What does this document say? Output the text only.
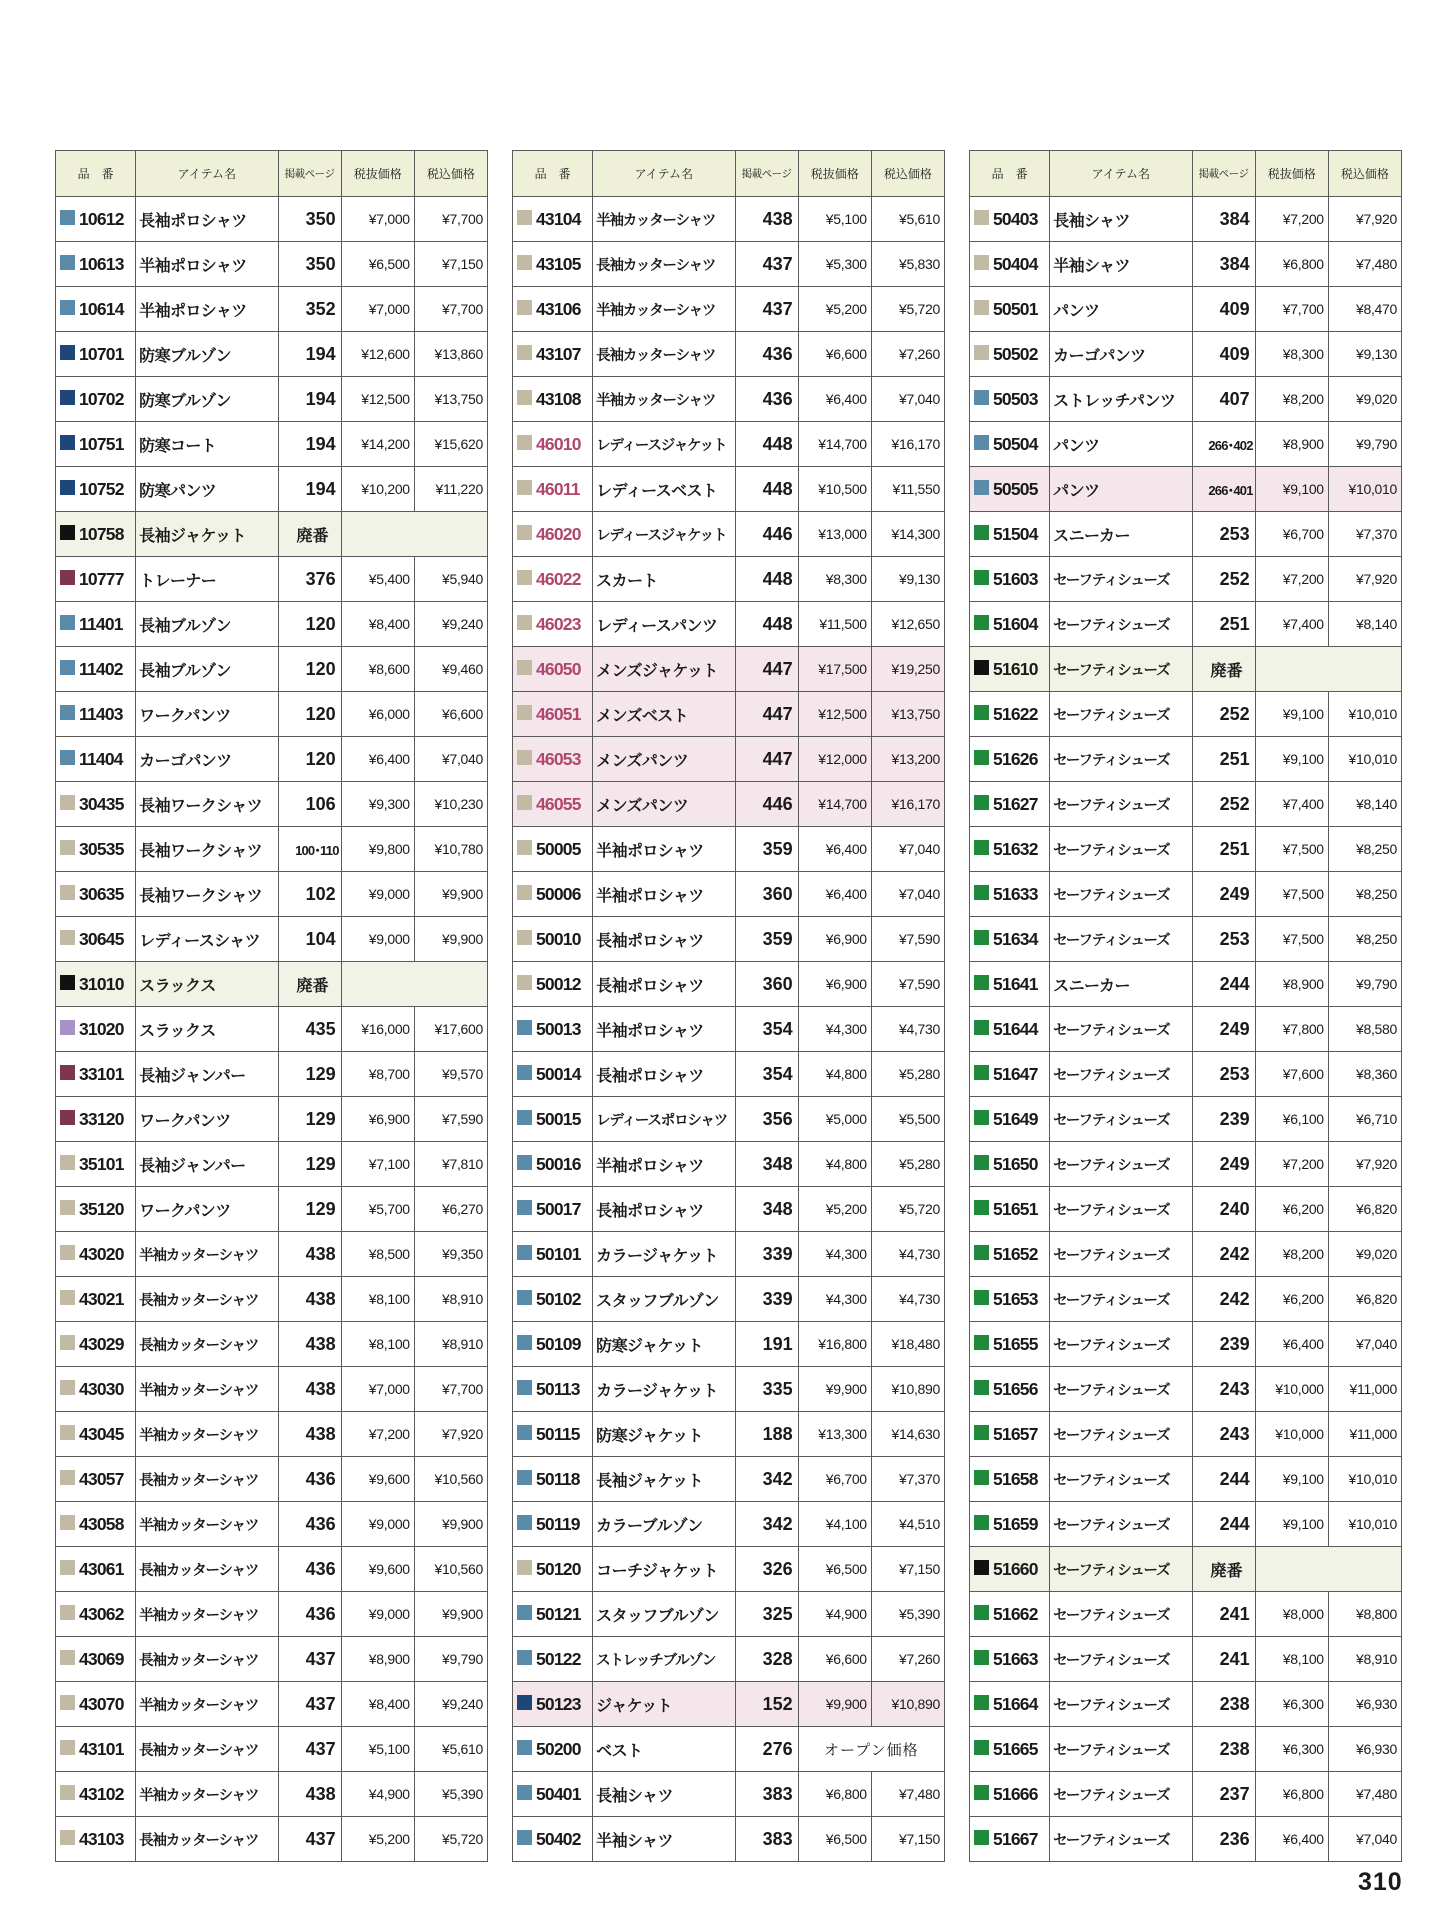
品　番	アイテム名	掲載ページ	税抜価格	税込価格
10612	長袖ポロシャツ	350	¥7,000	¥7,700
10613	半袖ポロシャツ	350	¥6,500	¥7,150
10614	半袖ポロシャツ	352	¥7,000	¥7,700
10701	防寒ブルゾン	194	¥12,600	¥13,860
10702	防寒ブルゾン	194	¥12,500	¥13,750
10751	防寒コート	194	¥14,200	¥15,620
10752	防寒パンツ	194	¥10,200	¥11,220
10758	長袖ジャケット	廃番		
10777	トレーナー	376	¥5,400	¥5,940
11401	長袖ブルゾン	120	¥8,400	¥9,240
11402	長袖ブルゾン	120	¥8,600	¥9,460
11403	ワークパンツ	120	¥6,000	¥6,600
11404	カーゴパンツ	120	¥6,400	¥7,040
30435	長袖ワークシャツ	106	¥9,300	¥10,230
30535	長袖ワークシャツ	100･110	¥9,800	¥10,780
30635	長袖ワークシャツ	102	¥9,000	¥9,900
30645	レディースシャツ	104	¥9,000	¥9,900
31010	スラックス	廃番		
31020	スラックス	435	¥16,000	¥17,600
33101	長袖ジャンパー	129	¥8,700	¥9,570
33120	ワークパンツ	129	¥6,900	¥7,590
35101	長袖ジャンパー	129	¥7,100	¥7,810
35120	ワークパンツ	129	¥5,700	¥6,270
43020	半袖カッターシャツ	438	¥8,500	¥9,350
43021	長袖カッターシャツ	438	¥8,100	¥8,910
43029	長袖カッターシャツ	438	¥8,100	¥8,910
43030	半袖カッターシャツ	438	¥7,000	¥7,700
43045	半袖カッターシャツ	438	¥7,200	¥7,920
43057	長袖カッターシャツ	436	¥9,600	¥10,560
43058	半袖カッターシャツ	436	¥9,000	¥9,900
43061	長袖カッターシャツ	436	¥9,600	¥10,560
43062	半袖カッターシャツ	436	¥9,000	¥9,900
43069	長袖カッターシャツ	437	¥8,900	¥9,790
43070	半袖カッターシャツ	437	¥8,400	¥9,240
43101	長袖カッターシャツ	437	¥5,100	¥5,610
43102	半袖カッターシャツ	438	¥4,900	¥5,390
43103	長袖カッターシャツ	437	¥5,200	¥5,720
品　番	アイテム名	掲載ページ	税抜価格	税込価格
43104	半袖カッターシャツ	438	¥5,100	¥5,610
43105	長袖カッターシャツ	437	¥5,300	¥5,830
43106	半袖カッターシャツ	437	¥5,200	¥5,720
43107	長袖カッターシャツ	436	¥6,600	¥7,260
43108	半袖カッターシャツ	436	¥6,400	¥7,040
46010	レディースジャケット	448	¥14,700	¥16,170
46011	レディースベスト	448	¥10,500	¥11,550
46020	レディースジャケット	446	¥13,000	¥14,300
46022	スカート	448	¥8,300	¥9,130
46023	レディースパンツ	448	¥11,500	¥12,650
46050	メンズジャケット	447	¥17,500	¥19,250
46051	メンズベスト	447	¥12,500	¥13,750
46053	メンズパンツ	447	¥12,000	¥13,200
46055	メンズパンツ	446	¥14,700	¥16,170
50005	半袖ポロシャツ	359	¥6,400	¥7,040
50006	半袖ポロシャツ	360	¥6,400	¥7,040
50010	長袖ポロシャツ	359	¥6,900	¥7,590
50012	長袖ポロシャツ	360	¥6,900	¥7,590
50013	半袖ポロシャツ	354	¥4,300	¥4,730
50014	長袖ポロシャツ	354	¥4,800	¥5,280
50015	レディースポロシャツ	356	¥5,000	¥5,500
50016	半袖ポロシャツ	348	¥4,800	¥5,280
50017	長袖ポロシャツ	348	¥5,200	¥5,720
50101	カラージャケット	339	¥4,300	¥4,730
50102	スタッフブルゾン	339	¥4,300	¥4,730
50109	防寒ジャケット	191	¥16,800	¥18,480
50113	カラージャケット	335	¥9,900	¥10,890
50115	防寒ジャケット	188	¥13,300	¥14,630
50118	長袖ジャケット	342	¥6,700	¥7,370
50119	カラーブルゾン	342	¥4,100	¥4,510
50120	コーチジャケット	326	¥6,500	¥7,150
50121	スタッフブルゾン	325	¥4,900	¥5,390
50122	ストレッチブルゾン	328	¥6,600	¥7,260
50123	ジャケット	152	¥9,900	¥10,890
50200	ベスト	276	オープン価格	
50401	長袖シャツ	383	¥6,800	¥7,480
50402	半袖シャツ	383	¥6,500	¥7,150
品　番	アイテム名	掲載ページ	税抜価格	税込価格
50403	長袖シャツ	384	¥7,200	¥7,920
50404	半袖シャツ	384	¥6,800	¥7,480
50501	パンツ	409	¥7,700	¥8,470
50502	カーゴパンツ	409	¥8,300	¥9,130
50503	ストレッチパンツ	407	¥8,200	¥9,020
50504	パンツ	266･402	¥8,900	¥9,790
50505	パンツ	266･401	¥9,100	¥10,010
51504	スニーカー	253	¥6,700	¥7,370
51603	セーフティシューズ	252	¥7,200	¥7,920
51604	セーフティシューズ	251	¥7,400	¥8,140
51610	セーフティシューズ	廃番		
51622	セーフティシューズ	252	¥9,100	¥10,010
51626	セーフティシューズ	251	¥9,100	¥10,010
51627	セーフティシューズ	252	¥7,400	¥8,140
51632	セーフティシューズ	251	¥7,500	¥8,250
51633	セーフティシューズ	249	¥7,500	¥8,250
51634	セーフティシューズ	253	¥7,500	¥8,250
51641	スニーカー	244	¥8,900	¥9,790
51644	セーフティシューズ	249	¥7,800	¥8,580
51647	セーフティシューズ	253	¥7,600	¥8,360
51649	セーフティシューズ	239	¥6,100	¥6,710
51650	セーフティシューズ	249	¥7,200	¥7,920
51651	セーフティシューズ	240	¥6,200	¥6,820
51652	セーフティシューズ	242	¥8,200	¥9,020
51653	セーフティシューズ	242	¥6,200	¥6,820
51655	セーフティシューズ	239	¥6,400	¥7,040
51656	セーフティシューズ	243	¥10,000	¥11,000
51657	セーフティシューズ	243	¥10,000	¥11,000
51658	セーフティシューズ	244	¥9,100	¥10,010
51659	セーフティシューズ	244	¥9,100	¥10,010
51660	セーフティシューズ	廃番		
51662	セーフティシューズ	241	¥8,000	¥8,800
51663	セーフティシューズ	241	¥8,100	¥8,910
51664	セーフティシューズ	238	¥6,300	¥6,930
51665	セーフティシューズ	238	¥6,300	¥6,930
51666	セーフティシューズ	237	¥6,800	¥7,480
51667	セーフティシューズ	236	¥6,400	¥7,040
310
